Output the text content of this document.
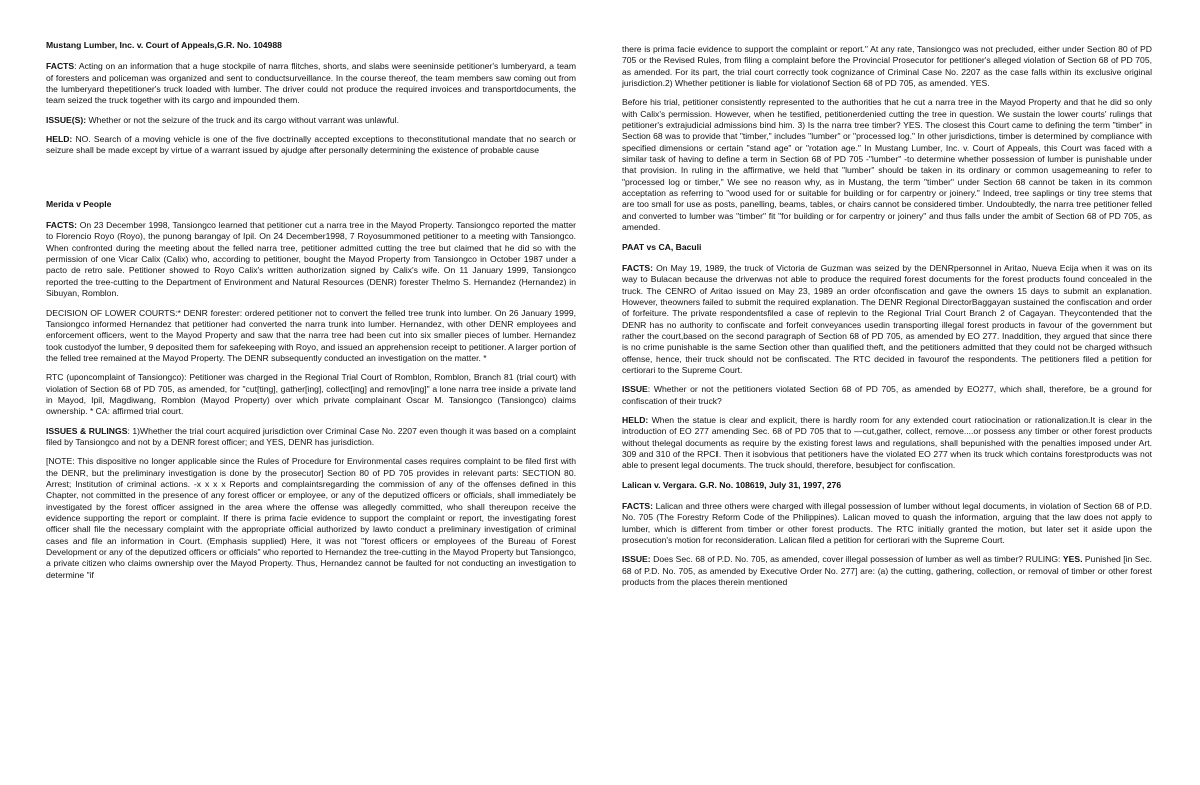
Mustang Lumber, Inc. v. Court of Appeals,G.R. No. 104988

FACTS: Acting on an information that a huge stockpile of narra flitches, shorts, and slabs were seeninside petitioner's lumberyard, a team of foresters and policeman was organized and sent to conductsurveillance. In the course thereof, the team members saw coming out from the lumberyard thepetitioner's truck loaded with lumber. The driver could not produce the required invoices and transportdocuments, the team seized the truck together with its cargo and impounded them.

ISSUE(S): Whether or not the seizure of the truck and its cargo without varrant was unlawful.

HELD: NO. Search of a moving vehicle is one of the five doctrinally accepted exceptions to theconstitutional mandate that no search or seizure shall be made except by virtue of a warrant issued by ajudge after personally determining the existence of probable cause

Merida v People

FACTS: On 23 December 1998, Tansiongco learned that petitioner cut a narra tree in the Mayod Property. Tansiongco reported the matter to Florencio Royo (Royo), the punong barangay of Ipil. On 24 December1998, 7 Royosummoned petitioner to a meeting with Tansiongco. When confronted during the meeting about the felled narra tree, petitioner admitted cutting the tree but claimed that he did so with the permission of one Vicar Calix (Calix) who, according to petitioner, bought the Mayod Property from Tansiongco in October 1987 under a pacto de retro sale. Petitioner showed to Royo Calix's written authorization signed by Calix's wife. On 11 January 1999, Tansiongco reported the tree-cutting to the Department of Environment and Natural Resources (DENR) forester Thelmo S. Hernandez (Hernandez) in Sibuyan, Romblon.

DECISION OF LOWER COURTS:* DENR forester: ordered petitioner not to convert the felled tree trunk into lumber. On 26 January 1999, Tansiongco informed Hernandez that petitioner had converted the narra trunk into lumber. Hernandez, with other DENR employees and enforcement officers, went to the Mayod Property and saw that the narra tree had been cut into six smaller pieces of lumber. Hernandez took custodyof the lumber, 9 deposited them for safekeeping with Royo, and issued an apprehension receipt to petitioner. A larger portion of the felled tree remained at the Mayod Property. The DENR subsequently conducted an investigation on the matter. *

RTC (uponcomplaint of Tansiongco): Petitioner was charged in the Regional Trial Court of Romblon, Romblon, Branch 81 (trial court) with violation of Section 68 of PD 705, as amended, for "cut[ting], gather[ing], collect[ing] and remov[ing]" a lone narra tree inside a private land in Mayod, Ipil, Magdiwang, Romblon (Mayod Property) over which private complainant Oscar M. Tansiongco (Tansiongco) claims ownership. * CA: affirmed trial court.

ISSUES & RULINGS: 1)Whether the trial court acquired jurisdiction over Criminal Case No. 2207 even though it was based on a complaint filed by Tansiongco and not by a DENR forest officer; and YES, DENR has jurisdiction.

[NOTE: This dispositive no longer applicable since the Rules of Procedure for Environmental cases requires complaint to be filed first with the DENR, but the preliminary investigation is done by the prosecutor] Section 80 of PD 705 provides in relevant parts: SECTION 80. Arrest; Institution of criminal actions. -x x x x Reports and complaintsregarding the commission of any of the offenses defined in this Chapter, not committed in the presence of any forest officer or employee, or any of the deputized officers or officials, shall immediately be investigated by the forest officer assigned in the area where the offense was allegedly committed, who shall thereupon receive the evidence supporting the report or complaint. If there is prima facie evidence to support the complaint or report, the investigating forest officer shall file the necessary complaint with the appropriate official authorized by lawto conduct a preliminary investigation of criminal cases and file an information in Court. (Emphasis supplied) Here, it was not "forest officers or employees of the Bureau of Forest Development or any of the deputized officers or officials" who reported to Hernandez the tree-cutting in the Mayod Property but Tansiongco, a private citizen who claims ownership over the Mayod Property. Thus, Hernandez cannot be faulted for not conducting an investigation to determine "if

there is prima facie evidence to support the complaint or report." At any rate, Tansiongco was not precluded, either under Section 80 of PD 705 or the Revised Rules, from filing a complaint before the Provincial Prosecutor for petitioner's alleged violation of Section 68 of PD 705, as amended. For its part, the trial court correctly took cognizance of Criminal Case No. 2207 as the case falls within its exclusive original jurisdiction.2) Whether petitioner is liable for violationof Section 68 of PD 705, as amended. YES.

Before his trial, petitioner consistently represented to the authorities that he cut a narra tree in the Mayod Property and that he did so only with Calix's permission. However, when he testified, petitionerdenied cutting the tree in question. We sustain the lower courts' rulings that petitioner's extrajudicial admissions bind him. 3) Is the narra tree timber? YES. The closest this Court came to defining the term "timber" in Section 68 was to provide that "timber," includes "lumber" or "processed log." In other jurisdictions, timber is determined by compliance with specified dimensions or certain "stand age" or "rotation age." In Mustang Lumber, Inc. v. Court of Appeals, this Court was faced with a similar task of having to define a term in Section 68 of PD 705 -"lumber" -to determine whether possession of lumber is punishable under that provision. In ruling in the affirmative, we held that "lumber" should be taken in its ordinary or common usagemeaning to refer to "processed log or timber," We see no reason why, as in Mustang, the term "timber" under Section 68 cannot be taken in its common acceptation as referring to "wood used for or suitable for building or for carpentry or joinery." Indeed, tree saplings or tiny tree stems that are too small for use as posts, panelling, beams, tables, or chairs cannot be considered timber. Undoubtedly, the narra tree petitioner felled and converted to lumber was "timber" fit "for building or for carpentry or joinery" and thus falls under the ambit of Section 68 of PD 705, as amended.

PAAT vs CA, Baculi

FACTS: On May 19, 1989, the truck of Victoria de Guzman was seized by the DENRpersonnel in Aritao, Nueva Ecija when it was on its way to Bulacan because the driverwas not able to produce the required forest documents for the forest products found concealed in the truck. The CENRO of Aritao issued on May 23, 1989 an order ofconfiscation and gave the owners 15 days to submit an explanation. However, theowners failed to submit the required explanation. The DENR Regional DirectorBaggayan sustained the confiscation and order of forfeiture. The private respondentsfiled a case of replevin to the Regional Trial Court Branch 2 of Cagayan. Theycontended that the DENR has no authority to confiscate and forfeit conveyances usedin transporting illegal forest products in favour of the government but rather the court,based on the second paragraph of Section 68 of PD 705, as amended by EO 277. Inaddition, they argued that since there is no crime punishable is the same Section other than qualified theft, and the petitioners admitted that they could not be charged withsuch offense, hence, their truck should not be confiscated. The RTC decided in favourof the respondents. The petitioners filed a petition for certiorari to the Supreme Court.

ISSUE: Whether or not the petitioners violated Section 68 of PD 705, as amended by EO277, which shall, therefore, be a ground for confiscation of their truck?

HELD: When the statue is clear and explicit, there is hardly room for any extended court ratiocination or rationalization.It is clear in the introduction of EO 277 amending Sec. 68 of PD 705 that to —cut,gather, collect, remove....or possess any timber or other forest products without thelegal documents as require by the existing forest laws and regulations, shall bepunished with the penalties imposed under Art. 309 and 310 of the RPC‖. Then it isobvious that petitioners have the violated EO 277 when its truck which contains forestproducts was not able to present legal documents. The truck should, therefore, besubject for confiscation.

Lalican v. Vergara. G.R. No. 108619, July 31, 1997, 276

FACTS: Lalican and three others were charged with illegal possession of lumber without legal documents, in violation of Section 68 of P.D. No. 705 (The Forestry Reform Code of the Philippines). Lalican moved to quash the information, arguing that the law does not apply to lumber, which is different from timber or other forest products. The RTC initially granted the motion, but later set it aside upon the prosecution's motion for reconsideration. Lalican filed a petition for certiorari with the Supreme Court.

ISSUE: Does Sec. 68 of P.D. No. 705, as amended, cover illegal possession of lumber as well as timber? RULING: YES. Punished [in Sec. 68 of P.D. No. 705, as amended by Executive Order No. 277] are: (a) the cutting, gathering, collection, or removal of timber or other forest products from the places therein mentioned
